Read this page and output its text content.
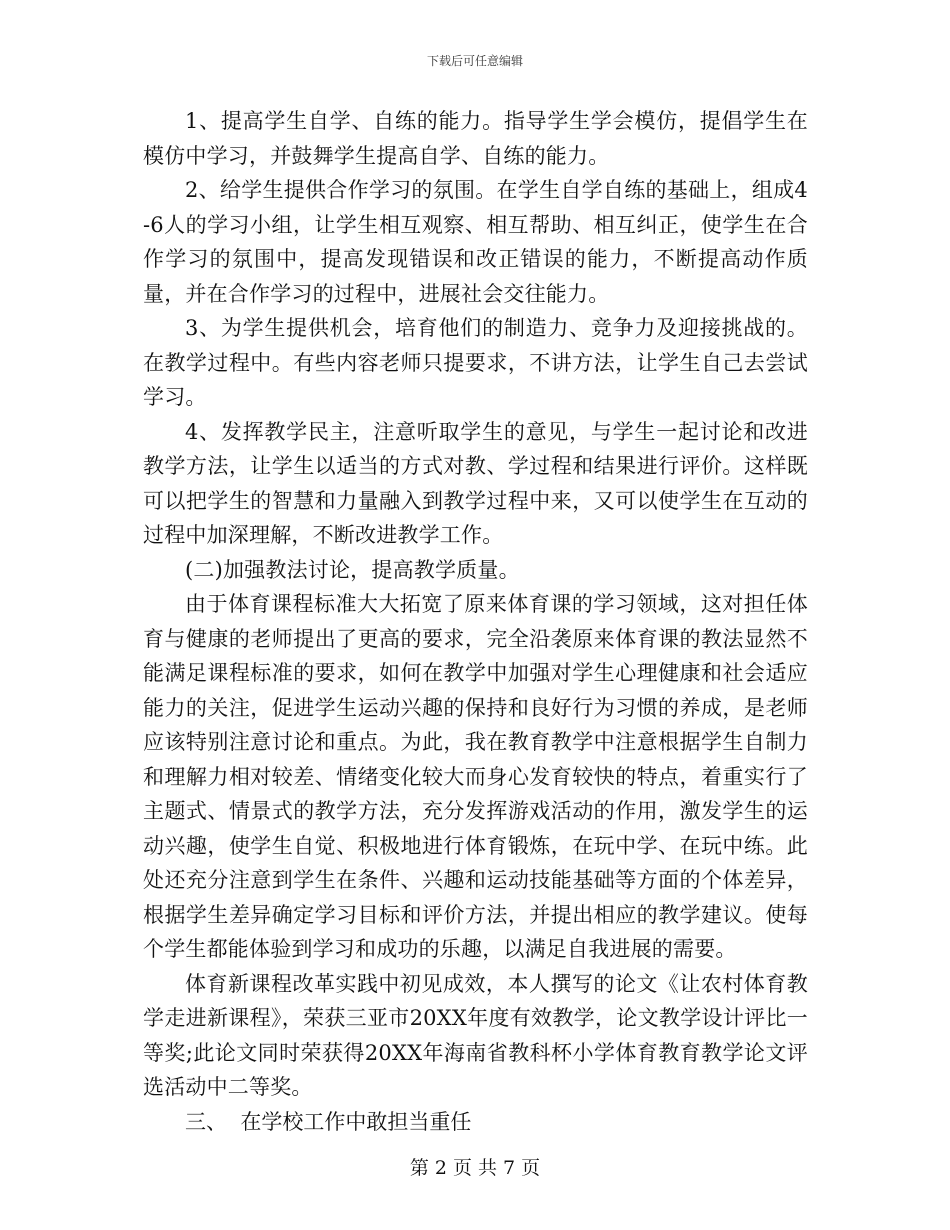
下载后可任意编辑

1、提高学生自学、自练的能力。指导学生学会模仿，提倡学生在模仿中学习，并鼓舞学生提高自学、自练的能力。

2、给学生提供合作学习的氛围。在学生自学自练的基础上，组成4-6人的学习小组，让学生相互观察、相互帮助、相互纠正，使学生在合作学习的氛围中，提高发现错误和改正错误的能力，不断提高动作质量，并在合作学习的过程中，进展社会交往能力。

3、为学生提供机会，培育他们的制造力、竞争力及迎接挑战的。在教学过程中。有些内容老师只提要求，不讲方法，让学生自己去尝试学习。

4、发挥教学民主，注意听取学生的意见，与学生一起讨论和改进教学方法，让学生以适当的方式对教、学过程和结果进行评价。这样既可以把学生的智慧和力量融入到教学过程中来，又可以使学生在互动的过程中加深理解，不断改进教学工作。

(二)加强教法讨论，提高教学质量。

由于体育课程标准大大拓宽了原来体育课的学习领域，这对担任体育与健康的老师提出了更高的要求，完全沿袭原来体育课的教法显然不能满足课程标准的要求，如何在教学中加强对学生心理健康和社会适应能力的关注，促进学生运动兴趣的保持和良好行为习惯的养成，是老师应该特别注意讨论和重点。为此，我在教育教学中注意根据学生自制力和理解力相对较差、情绪变化较大而身心发育较快的特点，着重实行了主题式、情景式的教学方法，充分发挥游戏活动的作用，激发学生的运动兴趣，使学生自觉、积极地进行体育锻炼，在玩中学、在玩中练。此处还充分注意到学生在条件、兴趣和运动技能基础等方面的个体差异，根据学生差异确定学习目标和评价方法，并提出相应的教学建议。使每个学生都能体验到学习和成功的乐趣，以满足自我进展的需要。

体育新课程改革实践中初见成效，本人撰写的论文《让农村体育教学走进新课程》，荣获三亚市20XX年度有效教学，论文教学设计评比一等奖;此论文同时荣获得20XX年海南省教科杯小学体育教育教学论文评选活动中二等奖。

三、  在学校工作中敢担当重任

第 2 页 共 7 页
